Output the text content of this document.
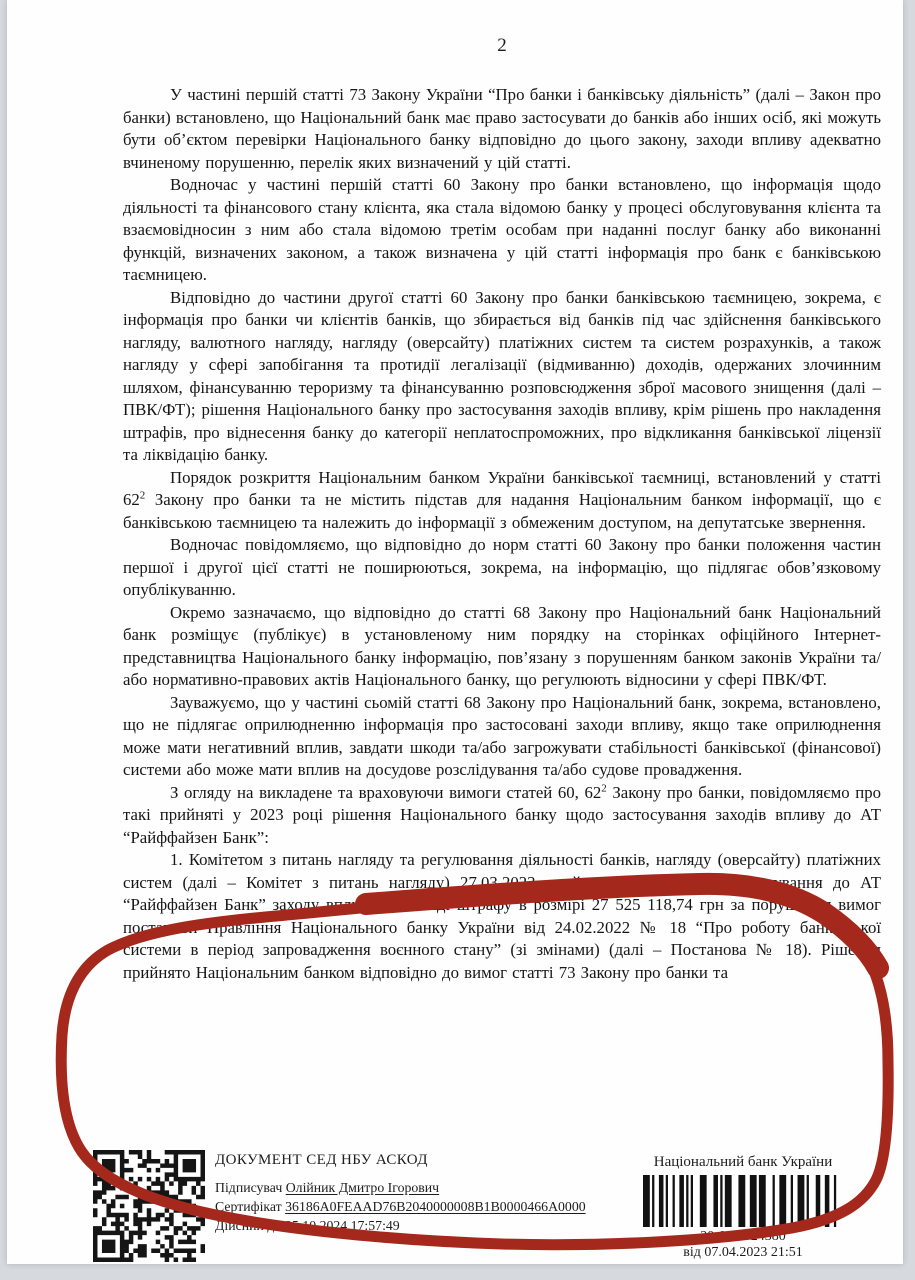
2

У частині першій статті 73 Закону України “Про банки і банківську діяльність” (далі – Закон про банки) встановлено, що Національний банк має право застосувати до банків або інших осіб, які можуть бути об’єктом перевірки Національного банку відповідно до цього закону, заходи впливу адекватно вчиненому порушенню, перелік яких визначений у цій статті.

Водночас у частині першій статті 60 Закону про банки встановлено, що інформація щодо діяльності та фінансового стану клієнта, яка стала відомою банку у процесі обслуговування клієнта та взаємовідносин з ним або стала відомою третім особам при наданні послуг банку або виконанні функцій, визначених законом, а також визначена у цій статті інформація про банк є банківською таємницею.

Відповідно до частини другої статті 60 Закону про банки банківською таємницею, зокрема, є інформація про банки чи клієнтів банків, що збирається від банків під час здійснення банківського нагляду, валютного нагляду, нагляду (оверсайту) платіжних систем та систем розрахунків, а також нагляду у сфері запобігання та протидії легалізації (відмиванню) доходів, одержаних злочинним шляхом, фінансуванню тероризму та фінансуванню розповсюдження зброї масового знищення (далі – ПВК/ФТ); рішення Національного банку про застосування заходів впливу, крім рішень про накладення штрафів, про віднесення банку до категорії неплатоспроможних, про відкликання банківської ліцензії та ліквідацію банку.

Порядок розкриття Національним банком України банківської таємниці, встановлений у статті $62^2$ Закону про банки та не містить підстав для надання Національним банком інформації, що є банківською таємницею та належить до інформації з обмеженим доступом, на депутатське звернення.

Водночас повідомляємо, що відповідно до норм статті 60 Закону про банки положення частин першої і другої цієї статті не поширюються, зокрема, на інформацію, що підлягає обов’язковому опублікуванню.

Окремо зазначаємо, що відповідно до статті 68 Закону про Національний банк Національний банк розміщує (публікує) в установленому ним порядку на сторінках офіційного Інтернет-представництва Національного банку інформацію, пов’язану з порушенням банком законів України та/або нормативно-правових актів Національного банку, що регулюють відносини у сфері ПВК/ФТ.

Зауважуємо, що у частині сьомій статті 68 Закону про Національний банк, зокрема, встановлено, що не підлягає оприлюдненню інформація про застосовані заходи впливу, якщо таке оприлюднення може мати негативний вплив, завдати шкоди та/або загрожувати стабільності банківської (фінансової) системи або може мати вплив на досудове розслідування та/або судове провадження.

З огляду на викладене та враховуючи вимоги статей 60, $62^2$ Закону про банки, повідомляємо про такі прийняті у 2023 році рішення Національного банку щодо застосування заходів впливу до АТ “Райффайзен Банк”:

1. Комітетом з питань нагляду та регулювання діяльності банків, нагляду (оверсайту) платіжних систем (далі – Комітет з питань нагляду) 27.03.2023 прийнято рішення про застосування до АТ “Райффайзен Банк” заходу впливу у вигляді штрафу в розмірі 27 525 118,74 грн за порушення вимог постанови Правління Національного банку України від 24.02.2022 № 18 “Про роботу банківської системи в період запровадження воєнного стану” (зі змінами) (далі – Постанова № 18). Рішення прийнято Національним банком відповідно до вимог статті 73 Закону про банки та

ДОКУМЕНТ СЕД НБУ АСКОД
Підписувач Олійник Дмитро Ігорович
Сертифікат 36186A0FEAAD76B2040000008B1B0000466A0000
Дійсний до:25.10.2024 17:57:49
Національний банк України
20-0006/24380
від 07.04.2023 21:51
